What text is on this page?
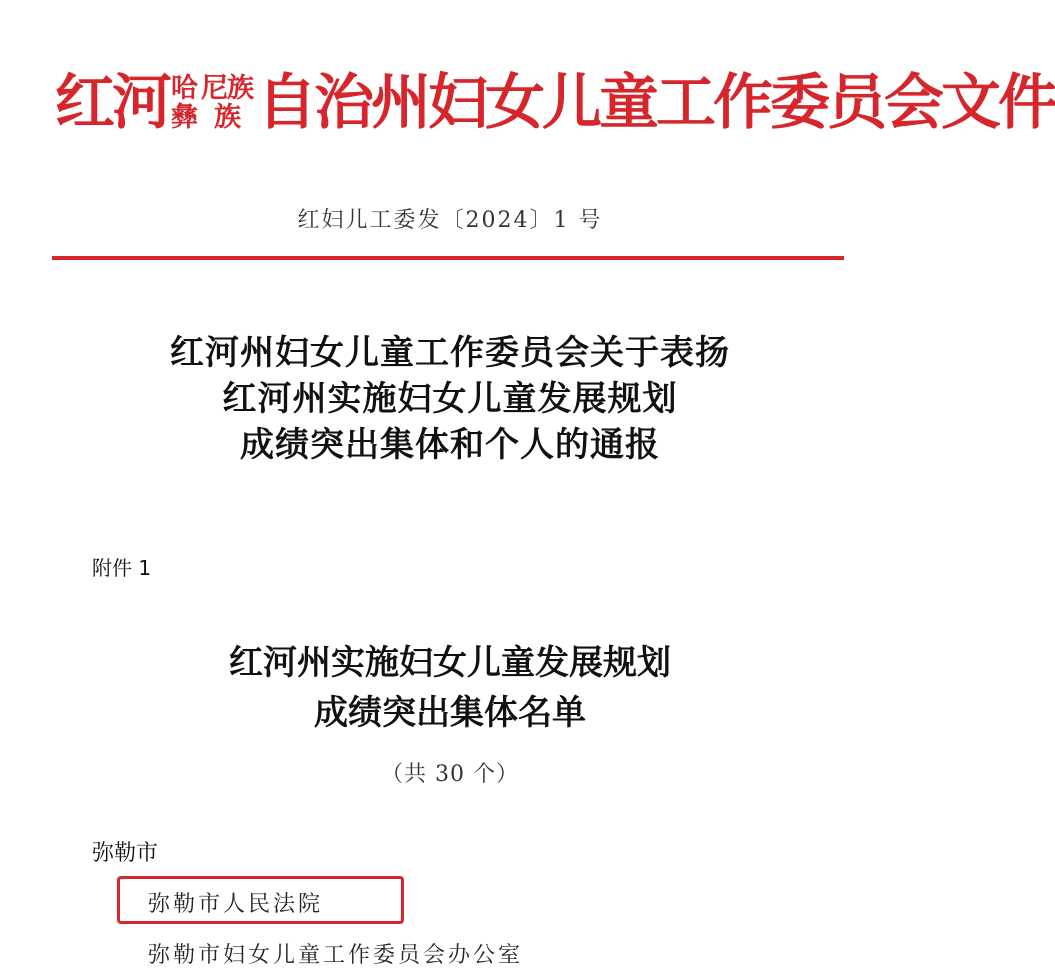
红河 哈 尼族
彝 族 自治州妇女儿童工作委员会文件
红妇儿工委发〔2024〕1 号
红河州妇女儿童工作委员会关于表扬
红河州实施妇女儿童发展规划
成绩突出集体和个人的通报
附件 1
红河州实施妇女儿童发展规划
成绩突出集体名单
（共 30 个）
弥勒市
弥勒市人民法院
弥勒市妇女儿童工作委员会办公室
